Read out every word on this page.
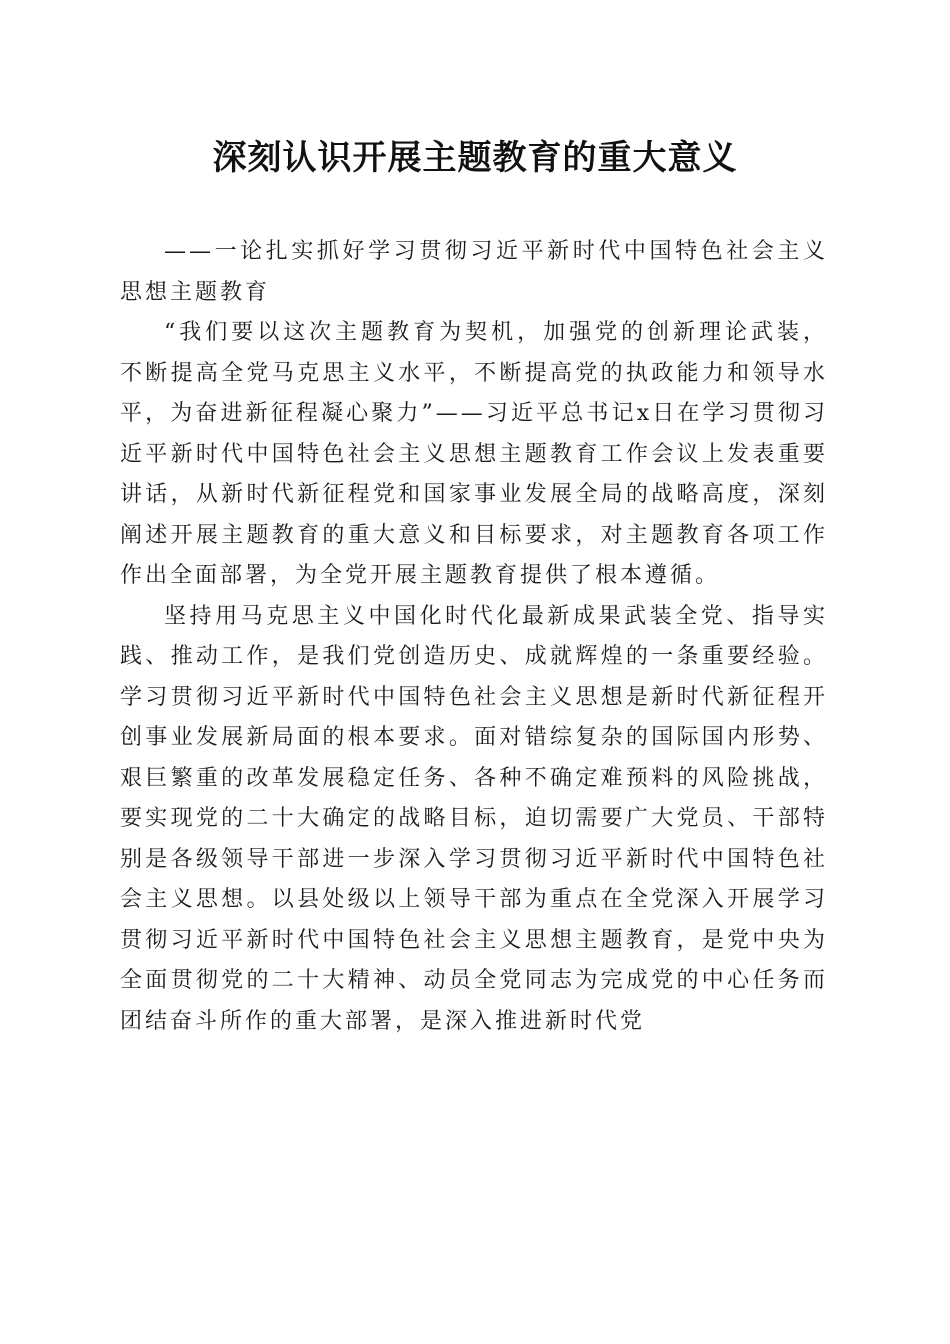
深刻认识开展主题教育的重大意义

——一论扎实抓好学习贯彻习近平新时代中国特色社会主义思想主题教育

“我们要以这次主题教育为契机，加强党的创新理论武装，不断提高全党马克思主义水平，不断提高党的执政能力和领导水平，为奋进新征程凝心聚力”——习近平总书记x日在学习贯彻习近平新时代中国特色社会主义思想主题教育工作会议上发表重要讲话，从新时代新征程党和国家事业发展全局的战略高度，深刻阐述开展主题教育的重大意义和目标要求，对主题教育各项工作作出全面部署，为全党开展主题教育提供了根本遵循。

坚持用马克思主义中国化时代化最新成果武装全党、指导实践、推动工作，是我们党创造历史、成就辉煌的一条重要经验。学习贯彻习近平新时代中国特色社会主义思想是新时代新征程开创事业发展新局面的根本要求。面对错综复杂的国际国内形势、艰巨繁重的改革发展稳定任务、各种不确定难预料的风险挑战，要实现党的二十大确定的战略目标，迫切需要广大党员、干部特别是各级领导干部进一步深入学习贯彻习近平新时代中国特色社会主义思想。以县处级以上领导干部为重点在全党深入开展学习贯彻习近平新时代中国特色社会主义思想主题教育，是党中央为全面贯彻党的二十大精神、动员全党同志为完成党的中心任务而团结奋斗所作的重大部署，是深入推进新时代党
